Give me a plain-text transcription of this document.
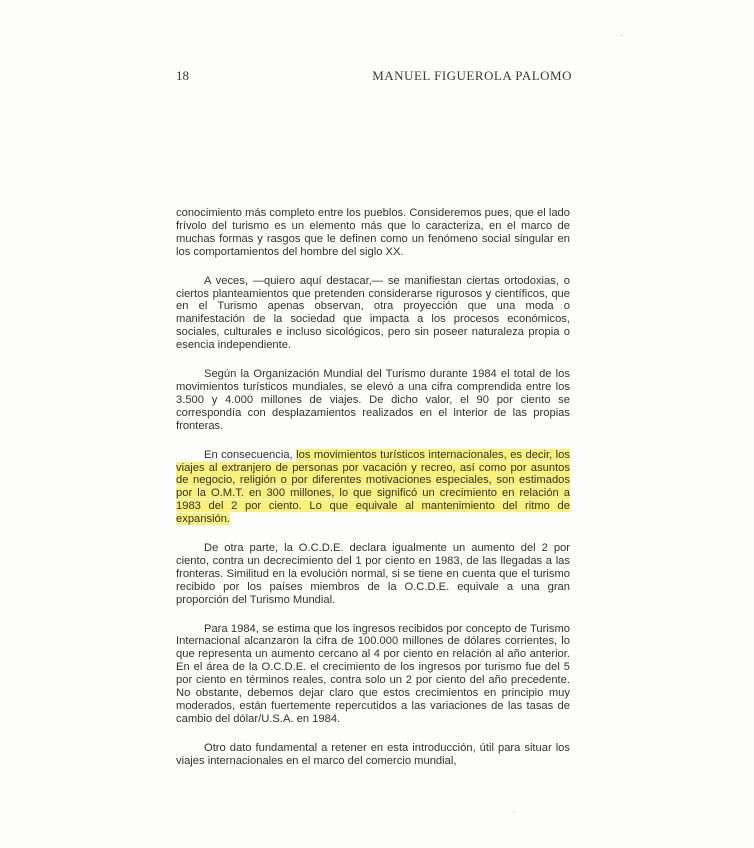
18	MANUEL FIGUEROLA PALOMO

conocimiento más completo entre los pueblos. Consideremos pues, que el lado frívolo del turismo es un elemento más que lo caracteriza, en el marco de muchas formas y rasgos que le definen como un fenómeno social singular en los comportamientos del hombre del siglo XX.

A veces, —quiero aquí destacar,— se manifiestan ciertas ortodoxias, o ciertos planteamientos que pretenden considerarse rigurosos y científicos, que en el Turismo apenas observan, otra proyección que una moda o manifestación de la sociedad que impacta a los procesos económicos, sociales, culturales e incluso sicológicos, pero sin poseer naturaleza propia o esencia independiente.

Según la Organización Mundial del Turismo durante 1984 el total de los movimientos turísticos mundiales, se elevó a una cifra comprendida entre los 3.500 y 4.000 millones de viajes. De dicho valor, el 90 por ciento se correspondía con desplazamientos realizados en el interior de las propias fronteras.

En consecuencia, los movimientos turísticos internacionales, es decir, los viajes al extranjero de personas por vacación y recreo, así como por asuntos de negocio, religión o por diferentes motivaciones especiales, son estimados por la O.M.T. en 300 millones, lo que significó un crecimiento en relación a 1983 del 2 por ciento. Lo que equivale al mantenimiento del ritmo de expansión.

De otra parte, la O.C.D.E. declara igualmente un aumento del 2 por ciento, contra un decrecimiento del 1 por ciento en 1983, de las llegadas a las fronteras. Similitud en la evolución normal, si se tiene en cuenta que el turismo recibido por los países miembros de la O.C.D.E. equivale a una gran proporción del Turismo Mundial.

Para 1984, se estima que los ingresos recibidos por concepto de Turismo Internacional alcanzaron la cifra de 100.000 millones de dólares corrientes, lo que representa un aumento cercano al 4 por ciento en relación al año anterior. En el área de la O.C.D.E. el crecimiento de los ingresos por turismo fue del 5 por ciento en términos reales, contra solo un 2 por ciento del año precedente. No obstante, debemos dejar claro que estos crecimientos en principio muy moderados, están fuertemente repercutidos a las variaciones de las tasas de cambio del dólar/U.S.A. en 1984.

Otro dato fundamental a retener en esta introducción, útil para situar los viajes internacionales en el marco del comercio mundial,

·
·
